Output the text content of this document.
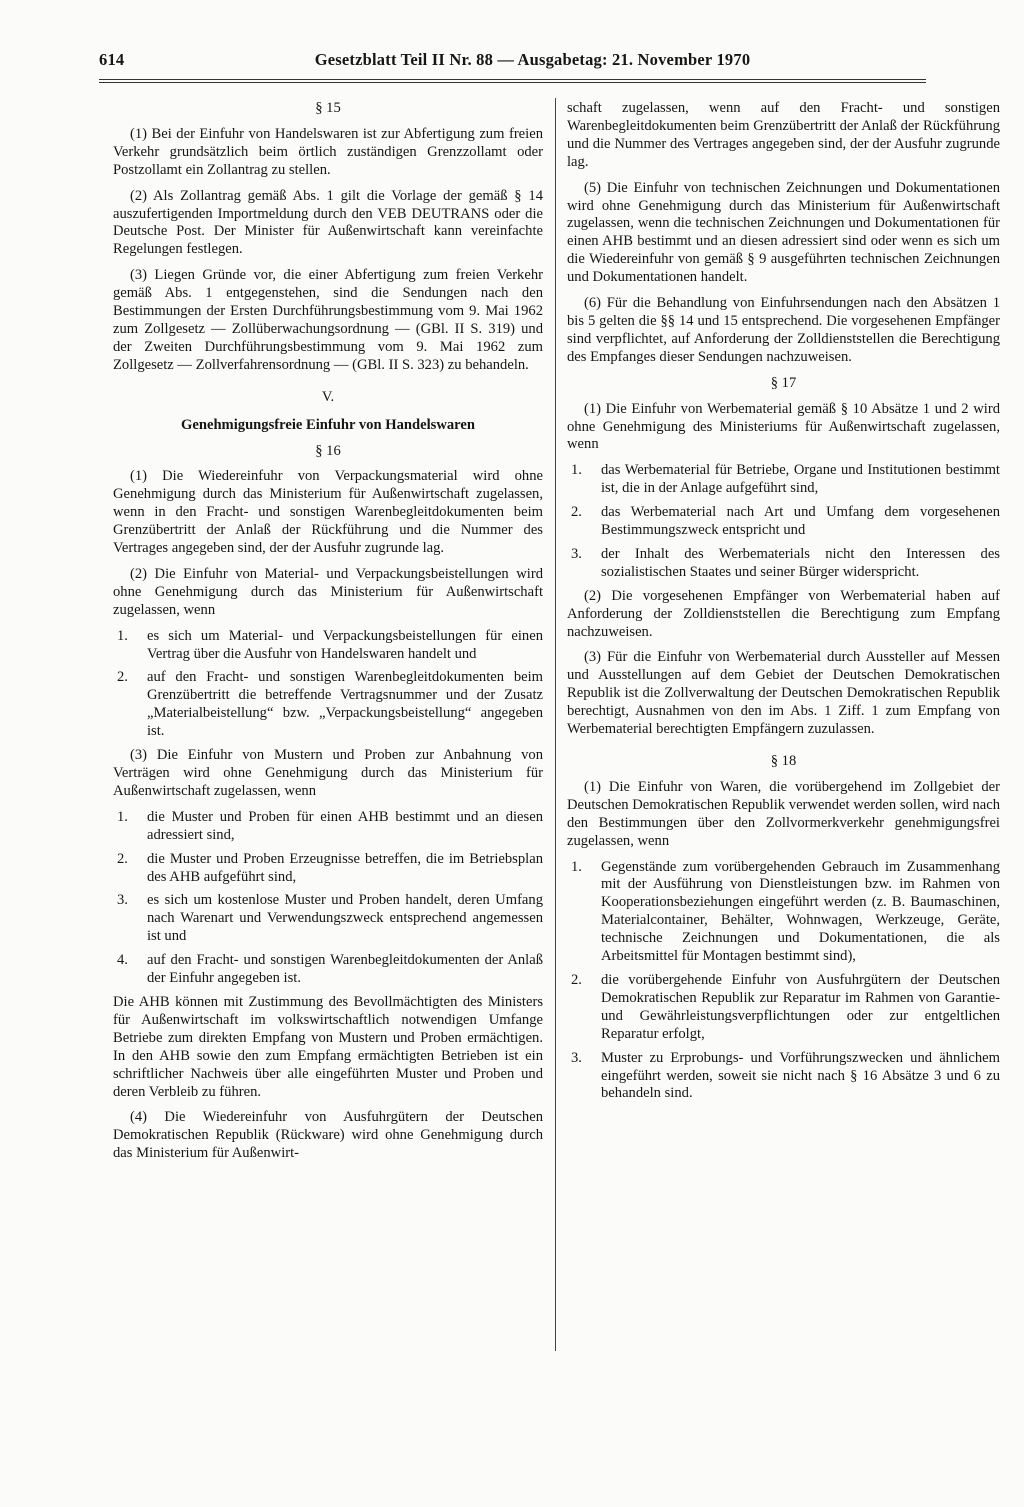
614	Gesetzblatt Teil II Nr. 88 — Ausgabetag: 21. November 1970
§ 15

(1) Bei der Einfuhr von Handelswaren ist zur Abfertigung zum freien Verkehr grundsätzlich beim örtlich zuständigen Grenzzollamt oder Postzollamt ein Zollantrag zu stellen.

(2) Als Zollantrag gemäß Abs. 1 gilt die Vorlage der gemäß § 14 auszufertigenden Importmeldung durch den VEB DEUTRANS oder die Deutsche Post. Der Minister für Außenwirtschaft kann vereinfachte Regelungen festlegen.

(3) Liegen Gründe vor, die einer Abfertigung zum freien Verkehr gemäß Abs. 1 entgegenstehen, sind die Sendungen nach den Bestimmungen der Ersten Durchführungsbestimmung vom 9. Mai 1962 zum Zollgesetz — Zollüberwachungsordnung — (GBl. II S. 319) und der Zweiten Durchführungsbestimmung vom 9. Mai 1962 zum Zollgesetz — Zollverfahrensordnung — (GBl. II S. 323) zu behandeln.

V.
Genehmigungsfreie Einfuhr von Handelswaren
§ 16

(1) Die Wiedereinfuhr von Verpackungsmaterial wird ohne Genehmigung durch das Ministerium für Außenwirtschaft zugelassen, wenn in den Fracht- und sonstigen Warenbegleitdokumenten beim Grenzübertritt der Anlaß der Rückführung und die Nummer des Vertrages angegeben sind, der der Ausfuhr zugrunde lag.

(2) Die Einfuhr von Material- und Verpackungsbeistellungen wird ohne Genehmigung durch das Ministerium für Außenwirtschaft zugelassen, wenn

1.	es sich um Material- und Verpackungsbeistellungen für einen Vertrag über die Ausfuhr von Handelswaren handelt und
2.	auf den Fracht- und sonstigen Warenbegleitdokumenten beim Grenzübertritt die betreffende Vertragsnummer und der Zusatz „Materialbeistellung“ bzw. „Verpackungsbeistellung“ angegeben ist.

(3) Die Einfuhr von Mustern und Proben zur Anbahnung von Verträgen wird ohne Genehmigung durch das Ministerium für Außenwirtschaft zugelassen, wenn

1.	die Muster und Proben für einen AHB bestimmt und an diesen adressiert sind,
2.	die Muster und Proben Erzeugnisse betreffen, die im Betriebsplan des AHB aufgeführt sind,
3.	es sich um kostenlose Muster und Proben handelt, deren Umfang nach Warenart und Verwendungszweck entsprechend angemessen ist und
4.	auf den Fracht- und sonstigen Warenbegleitdokumenten der Anlaß der Einfuhr angegeben ist.

Die AHB können mit Zustimmung des Bevollmächtigten des Ministers für Außenwirtschaft im volkswirtschaftlich notwendigen Umfange Betriebe zum direkten Empfang von Mustern und Proben ermächtigen. In den AHB sowie den zum Empfang ermächtigten Betrieben ist ein schriftlicher Nachweis über alle eingeführten Muster und Proben und deren Verbleib zu führen.

(4) Die Wiedereinfuhr von Ausfuhrgütern der Deutschen Demokratischen Republik (Rückware) wird ohne Genehmigung durch das Ministerium für Außenwirt-

schaft zugelassen, wenn auf den Fracht- und sonstigen Warenbegleitdokumenten beim Grenzübertritt der Anlaß der Rückführung und die Nummer des Vertrages angegeben sind, der der Ausfuhr zugrunde lag.

(5) Die Einfuhr von technischen Zeichnungen und Dokumentationen wird ohne Genehmigung durch das Ministerium für Außenwirtschaft zugelassen, wenn die technischen Zeichnungen und Dokumentationen für einen AHB bestimmt und an diesen adressiert sind oder wenn es sich um die Wiedereinfuhr von gemäß § 9 ausgeführten technischen Zeichnungen und Dokumentationen handelt.

(6) Für die Behandlung von Einfuhrsendungen nach den Absätzen 1 bis 5 gelten die §§ 14 und 15 entsprechend. Die vorgesehenen Empfänger sind verpflichtet, auf Anforderung der Zolldienststellen die Berechtigung des Empfanges dieser Sendungen nachzuweisen.

§ 17

(1) Die Einfuhr von Werbematerial gemäß § 10 Absätze 1 und 2 wird ohne Genehmigung des Ministeriums für Außenwirtschaft zugelassen, wenn

1.	das Werbematerial für Betriebe, Organe und Institutionen bestimmt ist, die in der Anlage aufgeführt sind,
2.	das Werbematerial nach Art und Umfang dem vorgesehenen Bestimmungszweck entspricht und
3.	der Inhalt des Werbematerials nicht den Interessen des sozialistischen Staates und seiner Bürger widerspricht.

(2) Die vorgesehenen Empfänger von Werbematerial haben auf Anforderung der Zolldienststellen die Berechtigung zum Empfang nachzuweisen.

(3) Für die Einfuhr von Werbematerial durch Aussteller auf Messen und Ausstellungen auf dem Gebiet der Deutschen Demokratischen Republik ist die Zollverwaltung der Deutschen Demokratischen Republik berechtigt, Ausnahmen von den im Abs. 1 Ziff. 1 zum Empfang von Werbematerial berechtigten Empfängern zuzulassen.

§ 18

(1) Die Einfuhr von Waren, die vorübergehend im Zollgebiet der Deutschen Demokratischen Republik verwendet werden sollen, wird nach den Bestimmungen über den Zollvormerkverkehr genehmigungsfrei zugelassen, wenn

1.	Gegenstände zum vorübergehenden Gebrauch im Zusammenhang mit der Ausführung von Dienstleistungen bzw. im Rahmen von Kooperationsbeziehungen eingeführt werden (z. B. Baumaschinen, Materialcontainer, Behälter, Wohnwagen, Werkzeuge, Geräte, technische Zeichnungen und Dokumentationen, die als Arbeitsmittel für Montagen bestimmt sind),
2.	die vorübergehende Einfuhr von Ausfuhrgütern der Deutschen Demokratischen Republik zur Reparatur im Rahmen von Garantie- und Gewährleistungsverpflichtungen oder zur entgeltlichen Reparatur erfolgt,
3.	Muster zu Erprobungs- und Vorführungszwecken und ähnlichem eingeführt werden, soweit sie nicht nach § 16 Absätze 3 und 6 zu behandeln sind.
